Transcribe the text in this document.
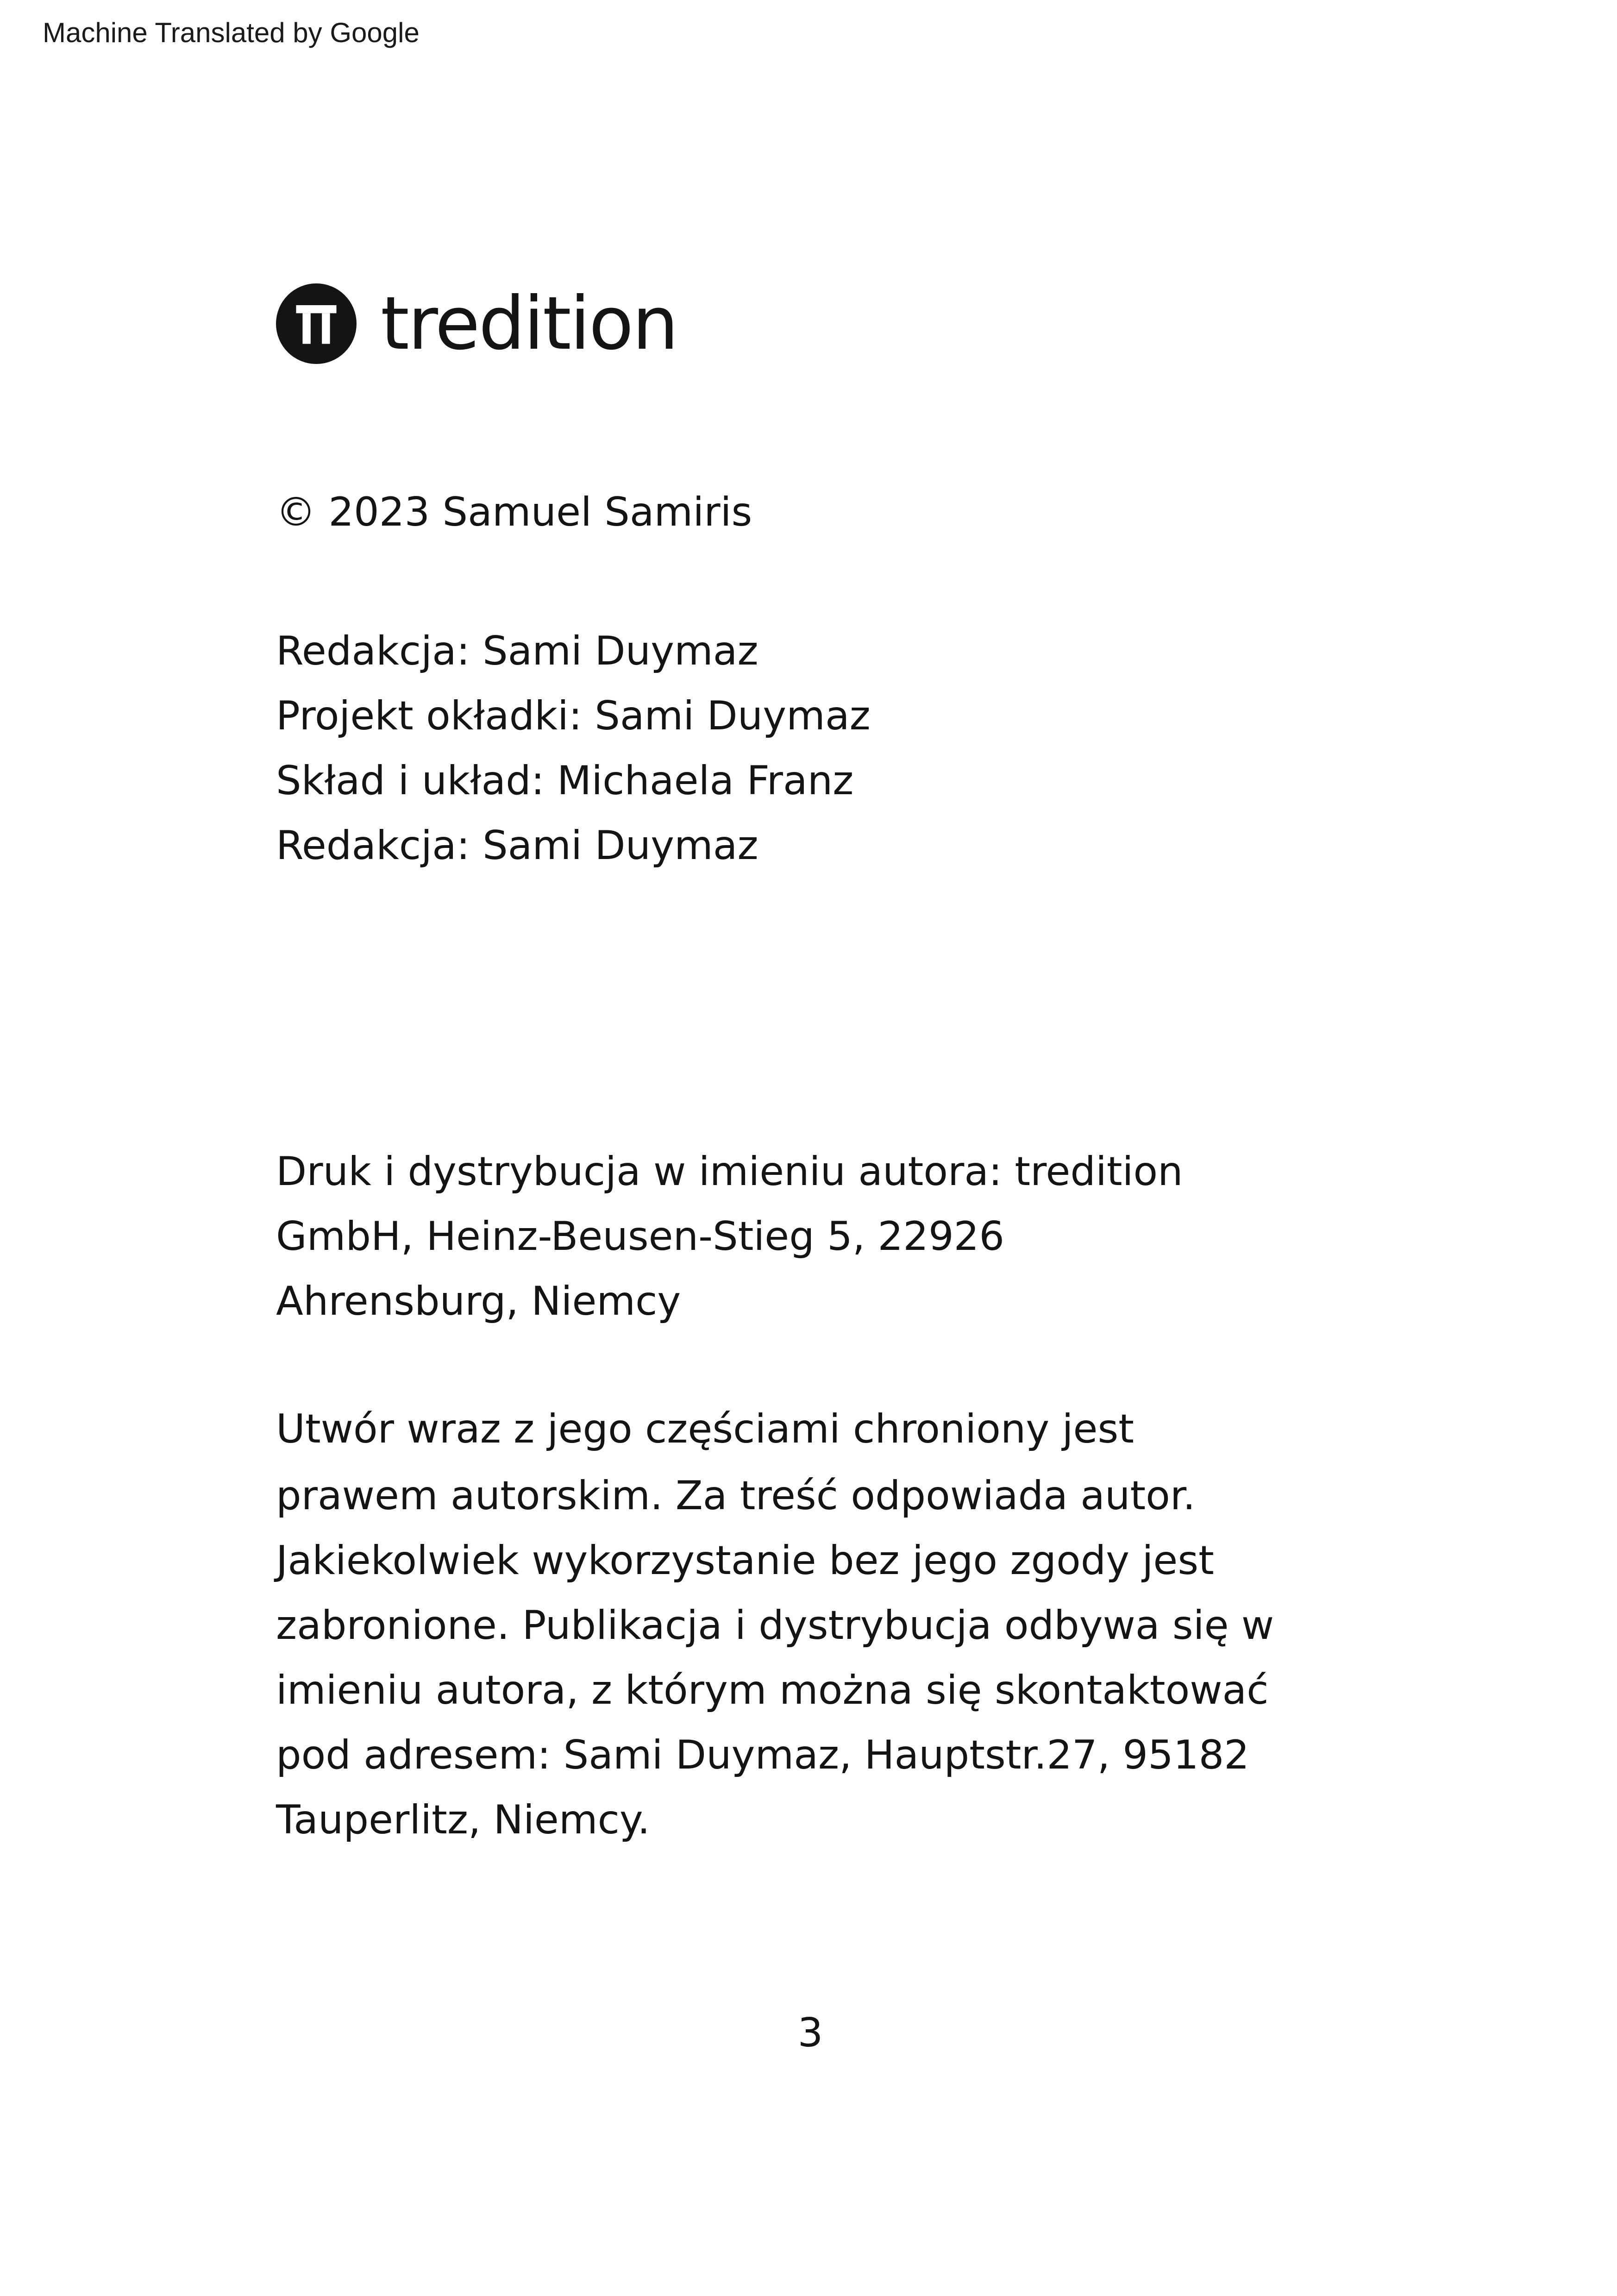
Machine Translated by Google
tredition

© 2023 Samuel Samiris

Redakcja: Sami Duymaz

Projekt okładki: Sami Duymaz

Skład i układ: Michaela Franz

Redakcja: Sami Duymaz

Druk i dystrybucja w imieniu autora: tredition

GmbH, Heinz-Beusen-Stieg 5, 22926

Ahrensburg, Niemcy

Utwór wraz z jego częściami chroniony jest

prawem autorskim. Za treść odpowiada autor.

Jakiekolwiek wykorzystanie bez jego zgody jest

zabronione. Publikacja i dystrybucja odbywa się w

imieniu autora, z którym można się skontaktować

pod adresem: Sami Duymaz, Hauptstr.27, 95182

Tauperlitz, Niemcy.

3
